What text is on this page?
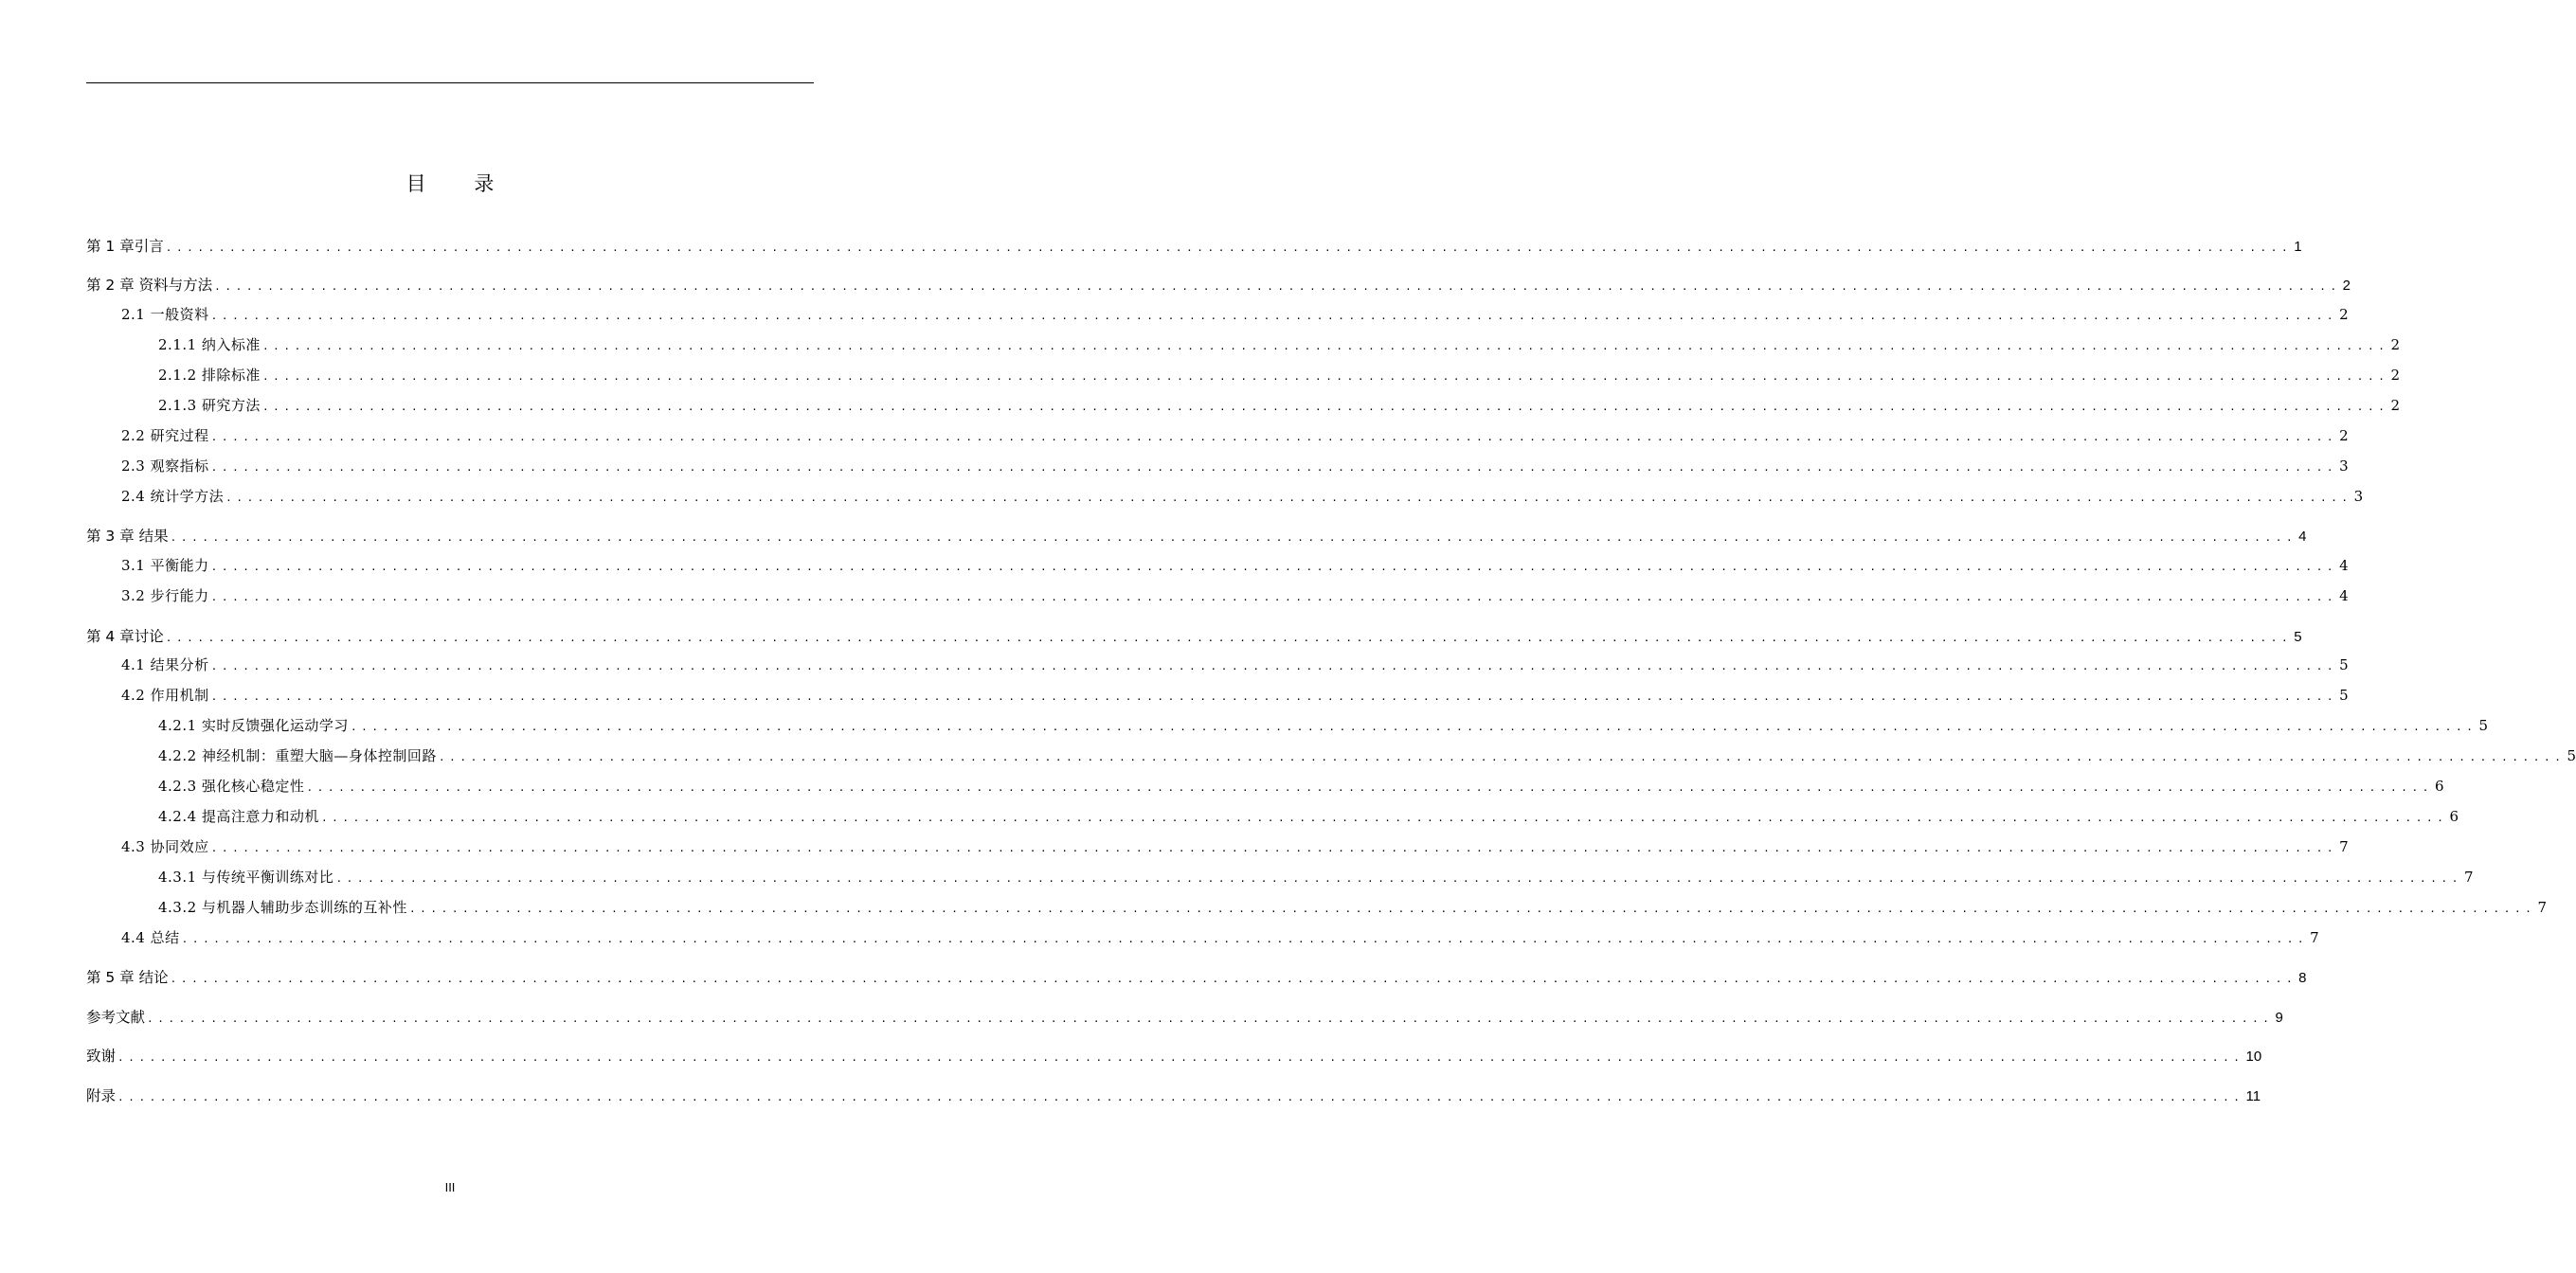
目 录
第 1 章引言 ........................................................................................................................................................................................................ 1
第 2 章 资料与方法 ........................................................................................................................................................................................................ 2
2.1 一般资料 ........................................................................................................................................................................................................ 2
2.1.1 纳入标准 ........................................................................................................................................................................................................ 2
2.1.2 排除标准 ........................................................................................................................................................................................................ 2
2.1.3 研究方法 ........................................................................................................................................................................................................ 2
2.2 研究过程 ........................................................................................................................................................................................................ 2
2.3 观察指标 ........................................................................................................................................................................................................ 3
2.4 统计学方法 ........................................................................................................................................................................................................ 3
第 3 章 结果 ........................................................................................................................................................................................................ 4
3.1 平衡能力 ........................................................................................................................................................................................................ 4
3.2 步行能力 ........................................................................................................................................................................................................ 4
第 4 章讨论 ........................................................................................................................................................................................................ 5
4.1 结果分析 ........................................................................................................................................................................................................ 5
4.2 作用机制 ........................................................................................................................................................................................................ 5
4.2.1 实时反馈强化运动学习 ........................................................................................................................................................................................................ 5
4.2.2 神经机制：重塑大脑—身体控制回路 ........................................................................................................................................................................................................ 5
4.2.3 强化核心稳定性 ........................................................................................................................................................................................................ 6
4.2.4 提高注意力和动机 ........................................................................................................................................................................................................ 6
4.3 协同效应 ........................................................................................................................................................................................................ 7
4.3.1 与传统平衡训练对比 ........................................................................................................................................................................................................ 7
4.3.2 与机器人辅助步态训练的互补性 ........................................................................................................................................................................................................ 7
4.4 总结 ........................................................................................................................................................................................................ 7
第 5 章 结论 ........................................................................................................................................................................................................ 8
参考文献 ........................................................................................................................................................................................................ 9
致谢 ........................................................................................................................................................................................................ 10
附录 ........................................................................................................................................................................................................ 11
III
